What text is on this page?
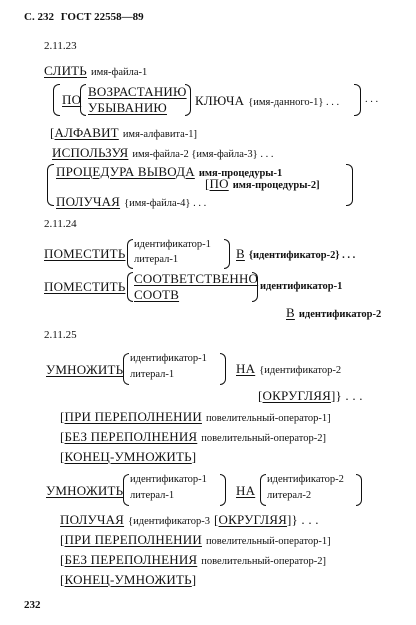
С. 232 ГОСТ 22558—89
2.11.23
СЛИТЬ имя-файла-1
ПО
ВОЗРАСТАНИЮ
УБЫВАНИЮ КЛЮЧА {имя-данного-1} . . . . . .
[АЛФАВИТ имя-алфавита-1]
ИСПОЛЬЗУЯ имя-файла-2 {имя-файла-3} . . .
ПРОЦЕДУРА ВЫВОДА имя-процедуры-1
[ПО имя-процедуры-2]
ПОЛУЧАЯ {имя-файла-4} . . .
2.11.24
ПОМЕСТИТЬ
идентификатор-1
литерал-1	В {идентификатор-2} . . .
ПОМЕСТИТЬ
СООТВЕТСТВЕННО
СООТВ
идентификатор-1
В идентификатор-2
2.11.25
УМНОЖИТЬ
идентификатор-1
литерал-1	НА {идентификатор-2
[ОКРУГЛЯЯ]} . . .
[ПРИ ПЕРЕПОЛНЕНИИ повелительный-оператор-1]
[БЕЗ ПЕРЕПОЛНЕНИЯ повелительный-оператор-2]
[КОНЕЦ-УМНОЖИТЬ]
УМНОЖИТЬ
идентификатор-1
литерал-1	НА
идентификатор-2
литерал-2
ПОЛУЧАЯ {идентификатор-3 [ОКРУГЛЯЯ]} . . .
[ПРИ ПЕРЕПОЛНЕНИИ повелительный-оператор-1]
[БЕЗ ПЕРЕПОЛНЕНИЯ повелительный-оператор-2]
[КОНЕЦ-УМНОЖИТЬ]
232
